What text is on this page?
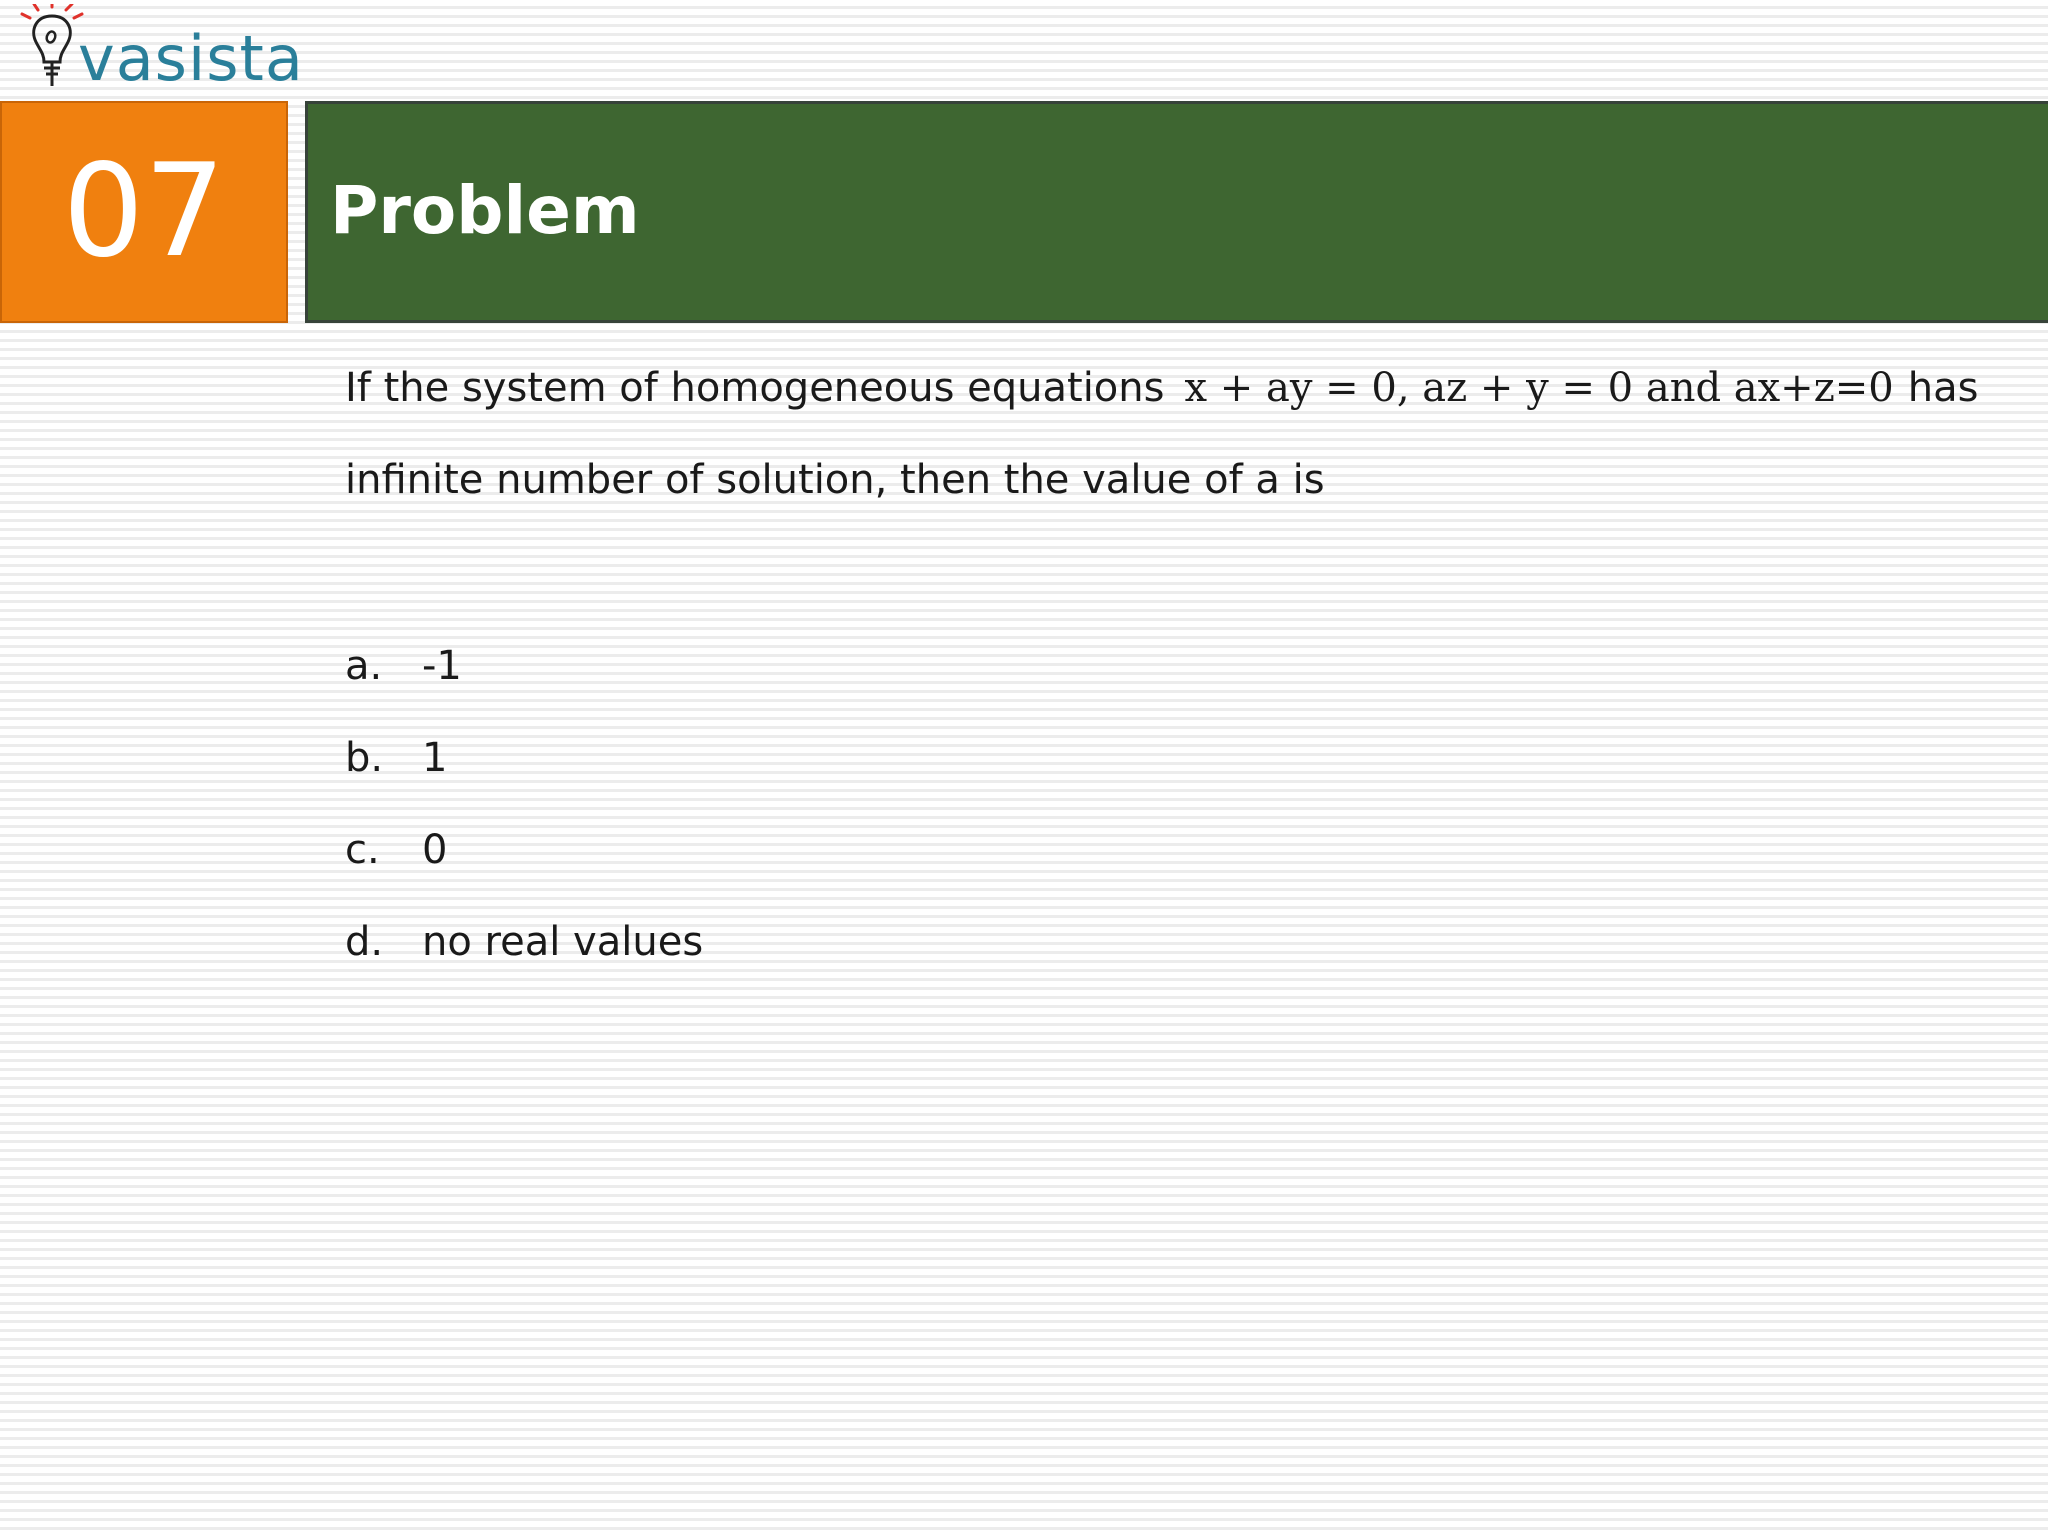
vasista
07 Problem
If the system of homogeneous equations x + ay = 0, az + y = 0 and ax+z=0 has
infinite number of solution, then the value of a is
a. -1
b. 1
c. 0
d. no real values
